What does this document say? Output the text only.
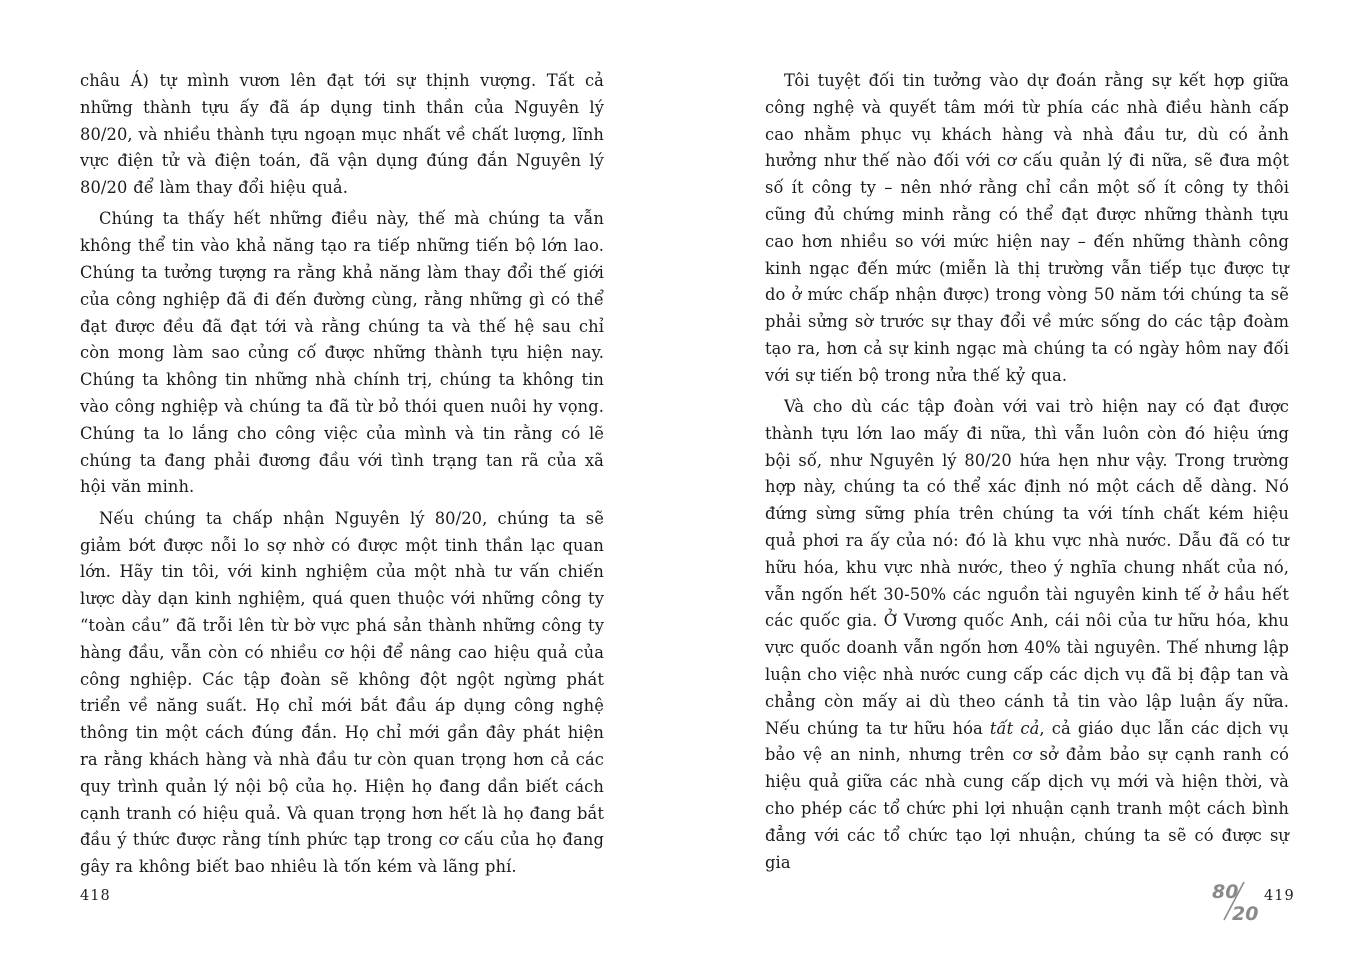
châu Á) tự mình vươn lên đạt tới sự thịnh vượng. Tất cả những thành tựu ấy đã áp dụng tinh thần của Nguyên lý 80/20, và nhiều thành tựu ngoạn mục nhất về chất lượng, lĩnh vực điện tử và điện toán, đã vận dụng đúng đắn Nguyên lý 80/20 để làm thay đổi hiệu quả.

Chúng ta thấy hết những điều này, thế mà chúng ta vẫn không thể tin vào khả năng tạo ra tiếp những tiến bộ lớn lao. Chúng ta tưởng tượng ra rằng khả năng làm thay đổi thế giới của công nghiệp đã đi đến đường cùng, rằng những gì có thể đạt được đều đã đạt tới và rằng chúng ta và thế hệ sau chỉ còn mong làm sao củng cố được những thành tựu hiện nay. Chúng ta không tin những nhà chính trị, chúng ta không tin vào công nghiệp và chúng ta đã từ bỏ thói quen nuôi hy vọng. Chúng ta lo lắng cho công việc của mình và tin rằng có lẽ chúng ta đang phải đương đầu với tình trạng tan rã của xã hội văn minh.

Nếu chúng ta chấp nhận Nguyên lý 80/20, chúng ta sẽ giảm bớt được nỗi lo sợ nhờ có được một tinh thần lạc quan lớn. Hãy tin tôi, với kinh nghiệm của một nhà tư vấn chiến lược dày dạn kinh nghiệm, quá quen thuộc với những công ty “toàn cầu” đã trỗi lên từ bờ vực phá sản thành những công ty hàng đầu, vẫn còn có nhiều cơ hội để nâng cao hiệu quả của công nghiệp. Các tập đoàn sẽ không đột ngột ngừng phát triển về năng suất. Họ chỉ mới bắt đầu áp dụng công nghệ thông tin một cách đúng đắn. Họ chỉ mới gần đây phát hiện ra rằng khách hàng và nhà đầu tư còn quan trọng hơn cả các quy trình quản lý nội bộ của họ. Hiện họ đang dần biết cách cạnh tranh có hiệu quả. Và quan trọng hơn hết là họ đang bắt đầu ý thức được rằng tính phức tạp trong cơ cấu của họ đang gây ra không biết bao nhiêu là tốn kém và lãng phí.

Tôi tuyệt đối tin tưởng vào dự đoán rằng sự kết hợp giữa công nghệ và quyết tâm mới từ phía các nhà điều hành cấp cao nhằm phục vụ khách hàng và nhà đầu tư, dù có ảnh hưởng như thế nào đối với cơ cấu quản lý đi nữa, sẽ đưa một số ít công ty – nên nhớ rằng chỉ cần một số ít công ty thôi cũng đủ chứng minh rằng có thể đạt được những thành tựu cao hơn nhiều so với mức hiện nay – đến những thành công kinh ngạc đến mức (miễn là thị trường vẫn tiếp tục được tự do ở mức chấp nhận được) trong vòng 50 năm tới chúng ta sẽ phải sửng sờ trước sự thay đổi về mức sống do các tập đoàm tạo ra, hơn cả sự kinh ngạc mà chúng ta có ngày hôm nay đối với sự tiến bộ trong nửa thế kỷ qua.

Và cho dù các tập đoàn với vai trò hiện nay có đạt được thành tựu lớn lao mấy đi nữa, thì vẫn luôn còn đó hiệu ứng bội số, như Nguyên lý 80/20 hứa hẹn như vậy. Trong trường hợp này, chúng ta có thể xác định nó một cách dễ dàng. Nó đứng sừng sững phía trên chúng ta với tính chất kém hiệu quả phơi ra ấy của nó: đó là khu vực nhà nước. Dẫu đã có tư hữu hóa, khu vực nhà nước, theo ý nghĩa chung nhất của nó, vẫn ngốn hết 30-50% các nguồn tài nguyên kinh tế ở hầu hết các quốc gia. Ở Vương quốc Anh, cái nôi của tư hữu hóa, khu vực quốc doanh vẫn ngốn hơn 40% tài nguyên. Thế nhưng lập luận cho việc nhà nước cung cấp các dịch vụ đã bị đập tan và chẳng còn mấy ai dù theo cánh tả tin vào lập luận ấy nữa. Nếu chúng ta tư hữu hóa tất cả, cả giáo dục lẫn các dịch vụ bảo vệ an ninh, nhưng trên cơ sở đảm bảo sự cạnh ranh có hiệu quả giữa các nhà cung cấp dịch vụ mới và hiện thời, và cho phép các tổ chức phi lợi nhuận cạnh tranh một cách bình đẳng với các tổ chức tạo lợi nhuận, chúng ta sẽ có được sự gia

418	80
20
419
